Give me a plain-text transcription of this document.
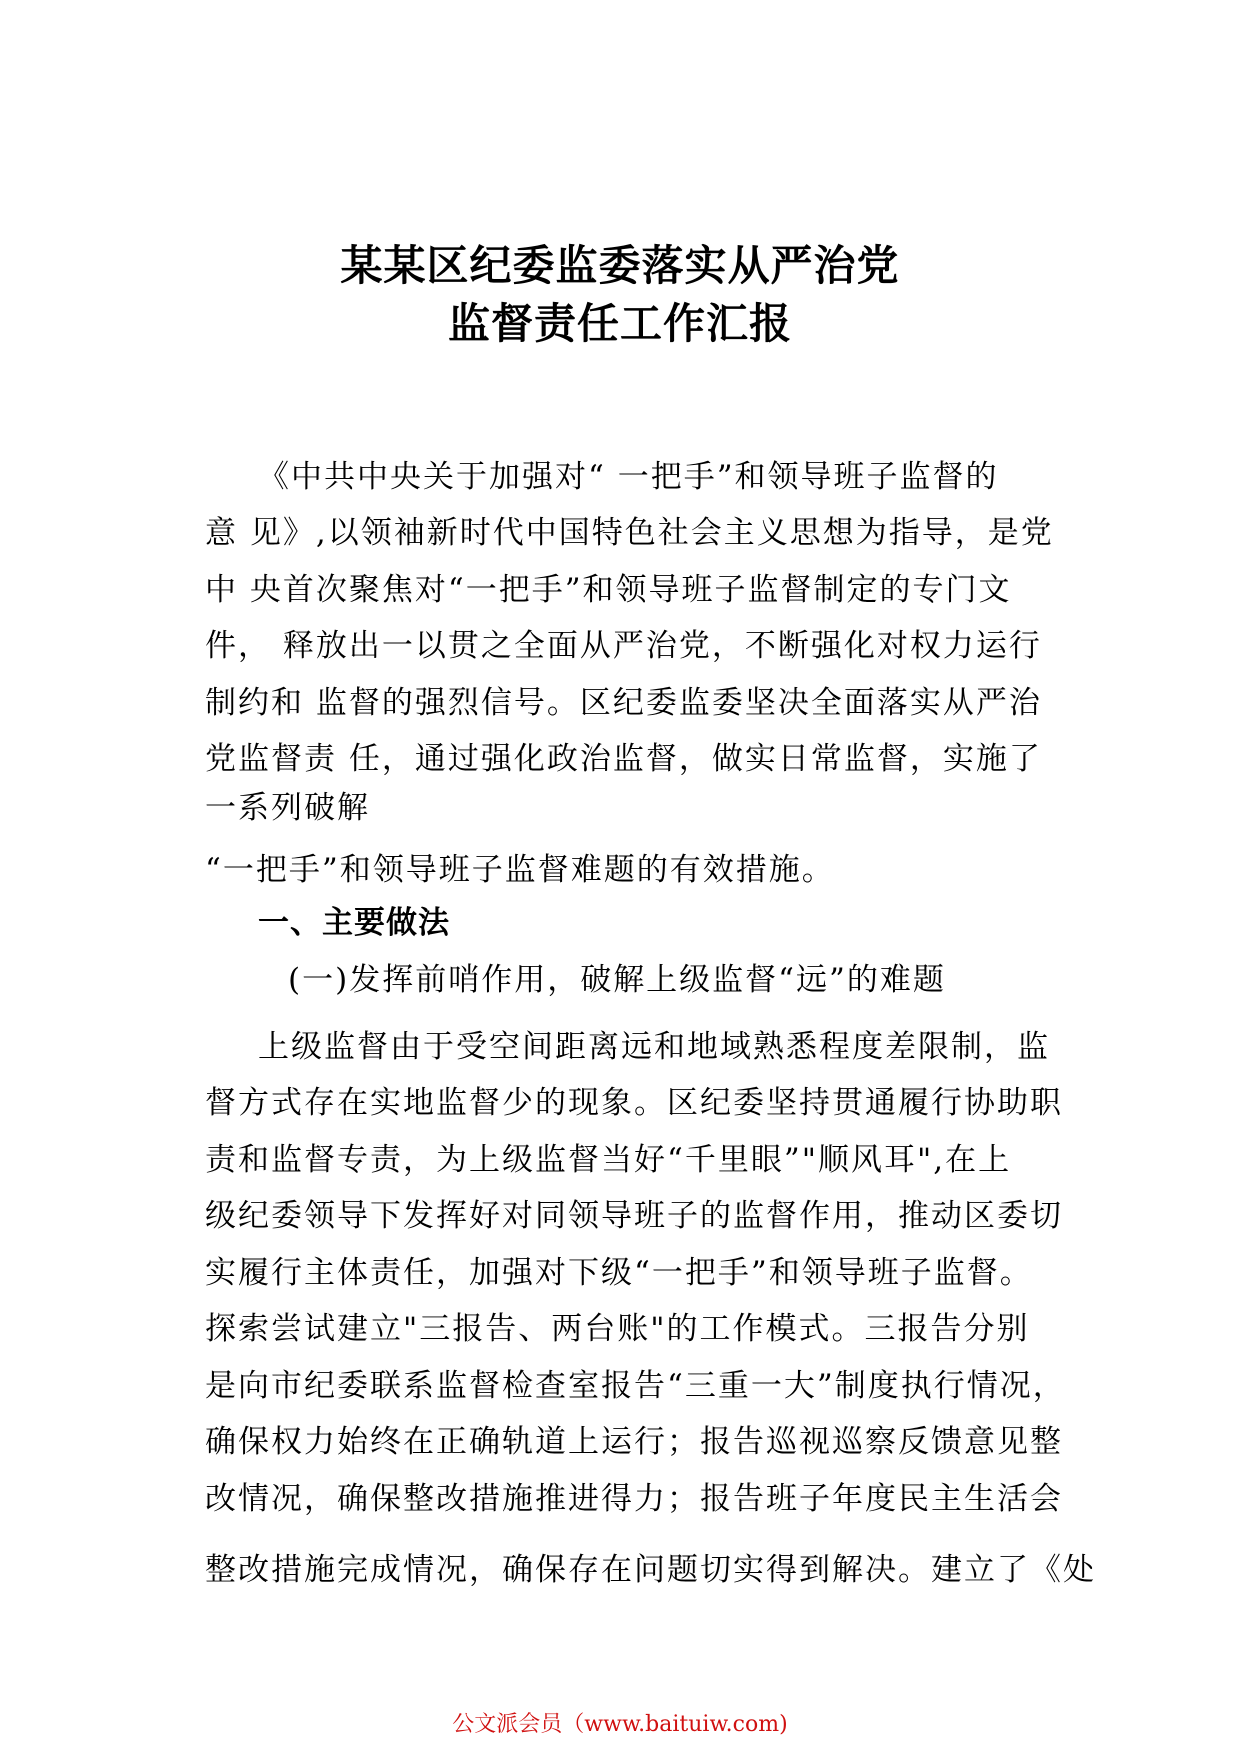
某某区纪委监委落实从严治党
监督责任工作汇报
《中共中央关于加强对“ 一把手”和领导班子监督的
意 见》,以领袖新时代中国特色社会主义思想为指导，是党
中 央首次聚焦对“一把手”和领导班子监督制定的专门文
件， 释放出一以贯之全面从严治党，不断强化对权力运行
制约和 监督的强烈信号。区纪委监委坚决全面落实从严治
党监督责 任，通过强化政治监督，做实日常监督，实施了
一系列破解
“一把手”和领导班子监督难题的有效措施。
一、主要做法
(一)发挥前哨作用，破解上级监督“远”的难题
上级监督由于受空间距离远和地域熟悉程度差限制，监
督方式存在实地监督少的现象。区纪委坚持贯通履行协助职
责和监督专责，为上级监督当好“千里眼”"顺风耳",在上
级纪委领导下发挥好对同领导班子的监督作用，推动区委切
实履行主体责任，加强对下级“一把手”和领导班子监督。
探索尝试建立"三报告、两台账"的工作模式。三报告分别
是向市纪委联系监督检查室报告“三重一大”制度执行情况，
确保权力始终在正确轨道上运行；报告巡视巡察反馈意见整
改情况，确保整改措施推进得力；报告班子年度民主生活会
整改措施完成情况，确保存在问题切实得到解决。建立了《处
公文派会员（www.baituiw.com)
